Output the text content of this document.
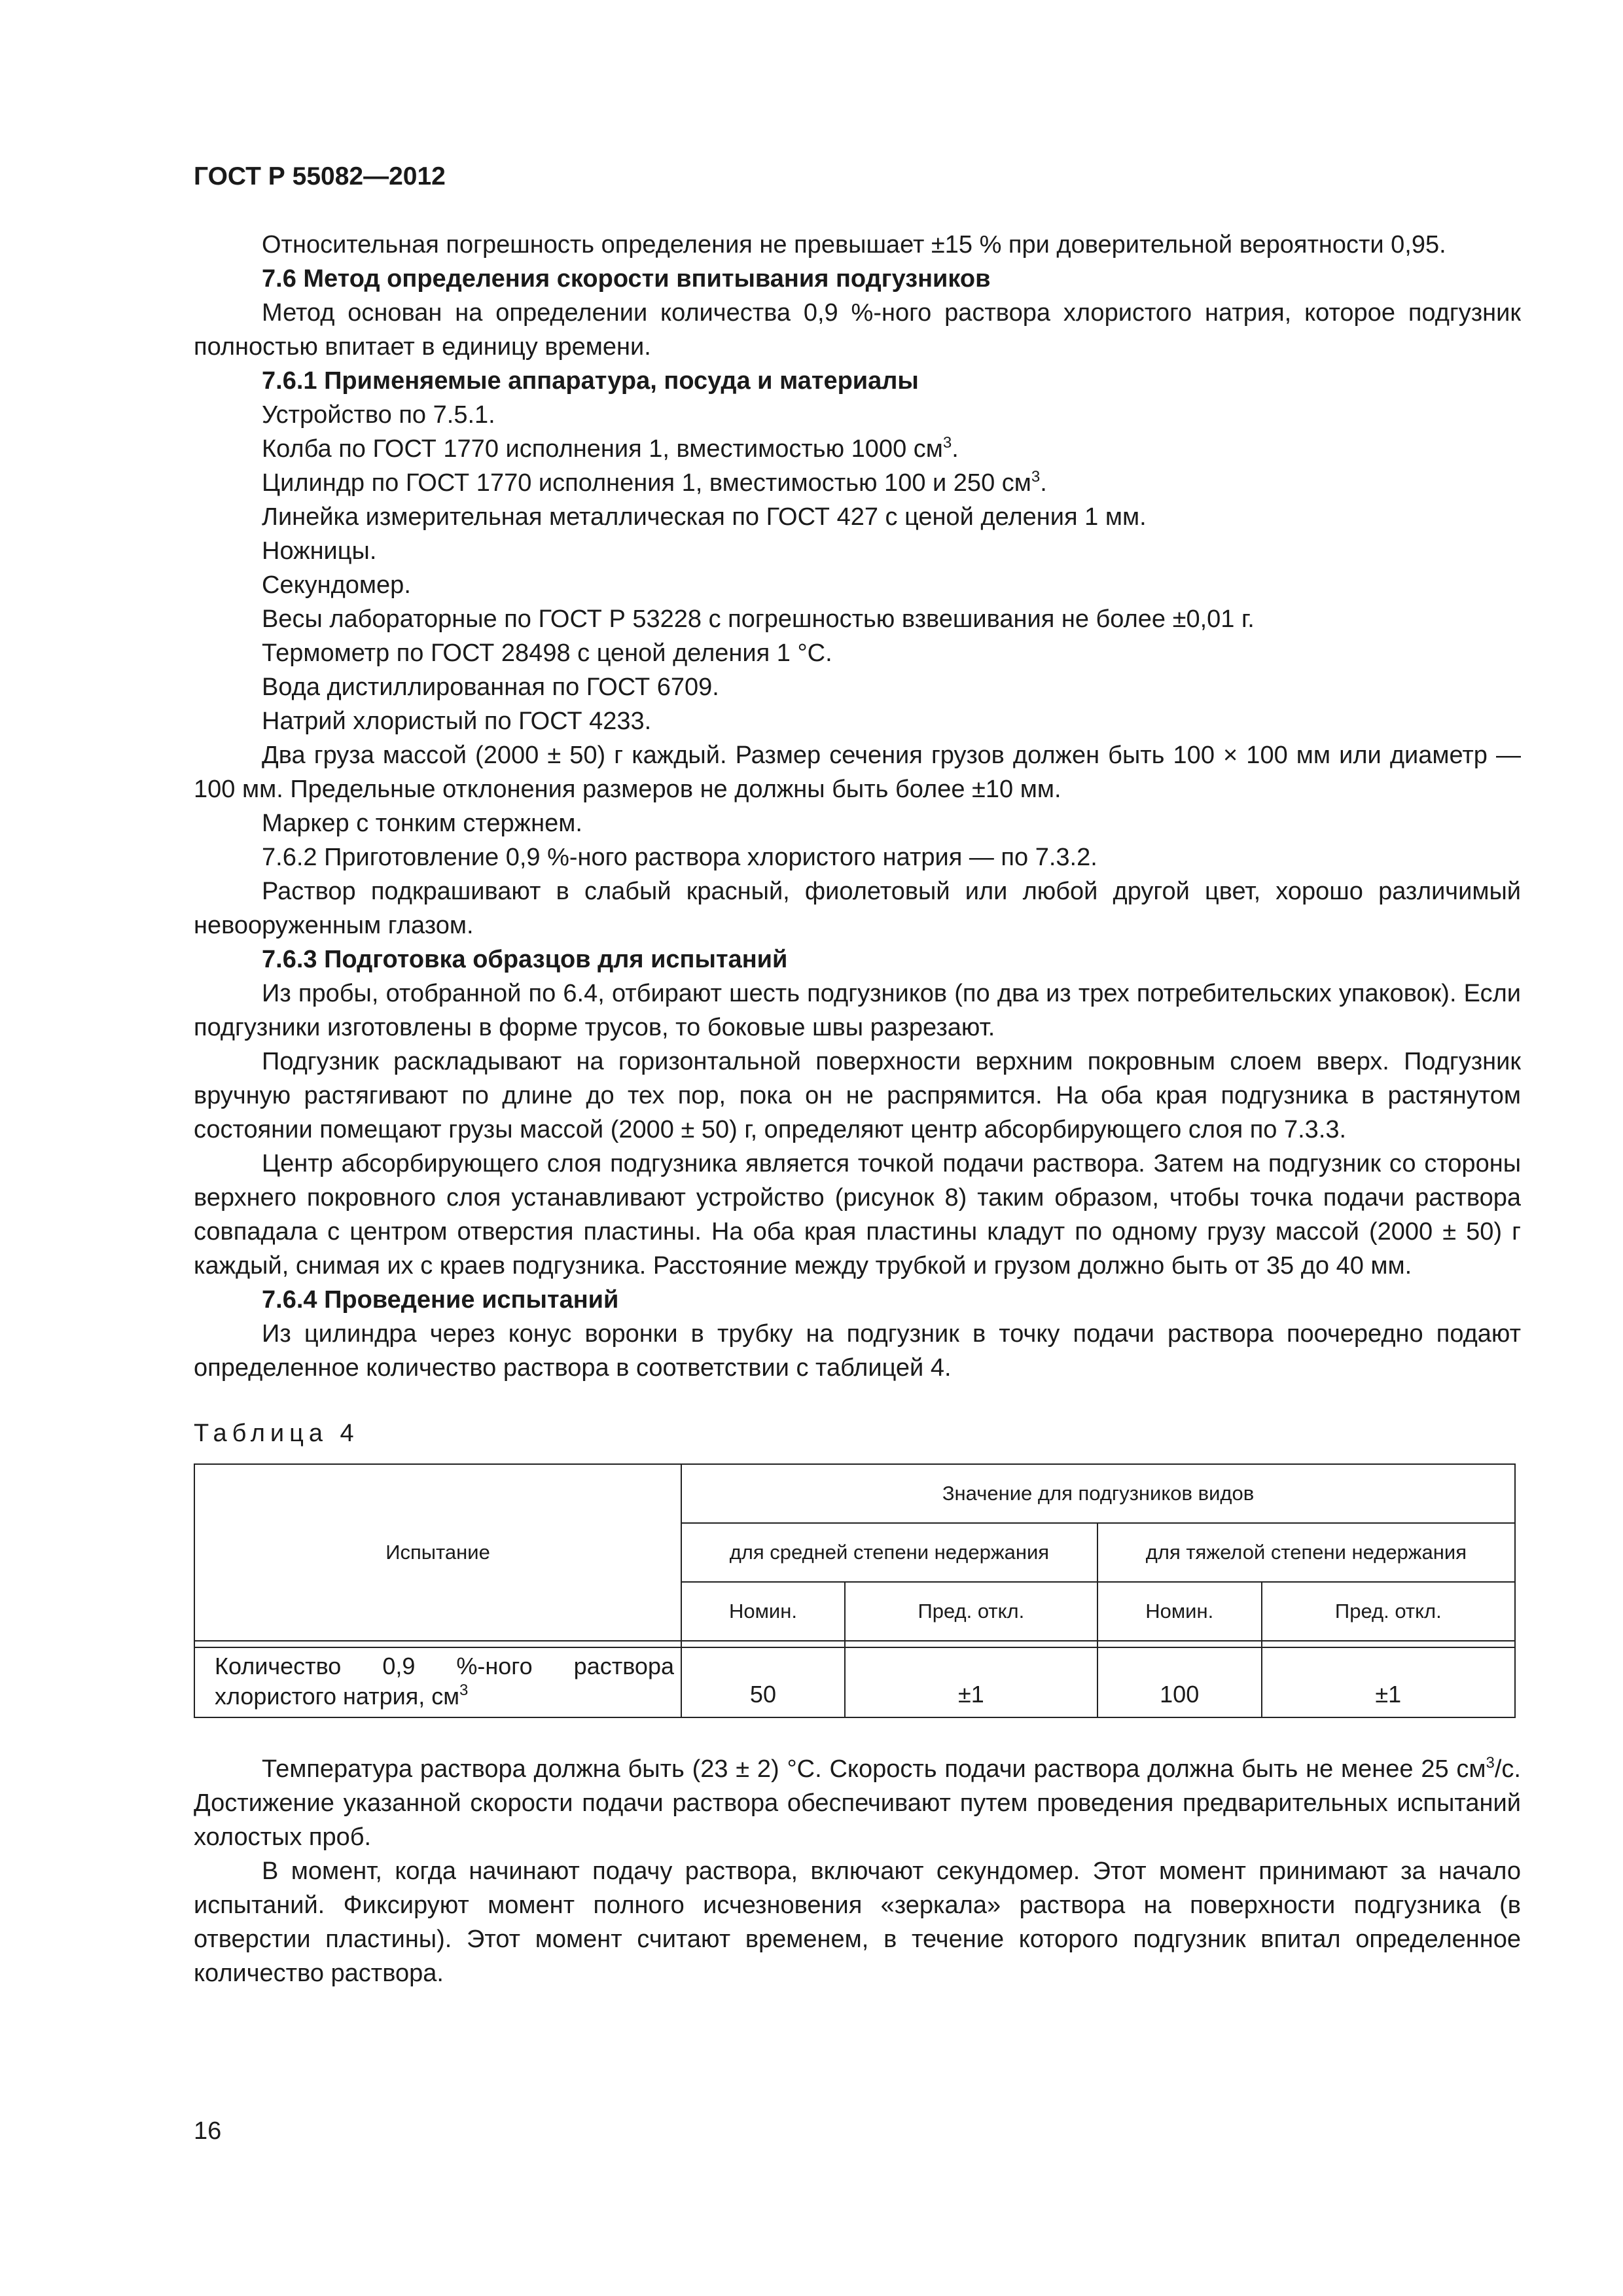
ГОСТ Р 55082—2012

Относительная погрешность определения не превышает ±15 % при доверительной вероятности 0,95.

7.6 Метод определения скорости впитывания подгузников

Метод основан на определении количества 0,9 %-ного раствора хлористого натрия, которое подгузник полностью впитает в единицу времени.

7.6.1 Применяемые аппаратура, посуда и материалы

Устройство по 7.5.1.

Колба по ГОСТ 1770 исполнения 1, вместимостью 1000 $см^3$.

Цилиндр по ГОСТ 1770 исполнения 1, вместимостью 100 и 250 $см^3$.

Линейка измерительная металлическая по ГОСТ 427 с ценой деления 1 мм.

Ножницы.

Секундомер.

Весы лабораторные по ГОСТ Р 53228 с погрешностью взвешивания не более ±0,01 г.

Термометр по ГОСТ 28498 с ценой деления 1 °С.

Вода дистиллированная по ГОСТ 6709.

Натрий хлористый по ГОСТ 4233.

Два груза массой (2000 ± 50) г каждый. Размер сечения грузов должен быть 100 × 100 мм или диаметр — 100 мм. Предельные отклонения размеров не должны быть более ±10 мм.

Маркер с тонким стержнем.

7.6.2 Приготовление 0,9 %-ного раствора хлористого натрия — по 7.3.2.

Раствор подкрашивают в слабый красный, фиолетовый или любой другой цвет, хорошо различимый невооруженным глазом.

7.6.3 Подготовка образцов для испытаний

Из пробы, отобранной по 6.4, отбирают шесть подгузников (по два из трех потребительских упаковок). Если подгузники изготовлены в форме трусов, то боковые швы разрезают.

Подгузник раскладывают на горизонтальной поверхности верхним покровным слоем вверх. Подгузник вручную растягивают по длине до тех пор, пока он не распрямится. На оба края подгузника в растянутом состоянии помещают грузы массой (2000 ± 50) г, определяют центр абсорбирующего слоя по 7.3.3.

Центр абсорбирующего слоя подгузника является точкой подачи раствора. Затем на подгузник со стороны верхнего покровного слоя устанавливают устройство (рисунок 8) таким образом, чтобы точка подачи раствора совпадала с центром отверстия пластины. На оба края пластины кладут по одному грузу массой (2000 ± 50) г каждый, снимая их с краев подгузника. Расстояние между трубкой и грузом должно быть от 35 до 40 мм.

7.6.4 Проведение испытаний

Из цилиндра через конус воронки в трубку на подгузник в точку подачи раствора поочередно подают определенное количество раствора в соответствии с таблицей 4.

Таблица 4

Испытание	Значение для подгузников видов			
	для средней степени недержания		для тяжелой степени недержания	
	Номин.	Пред. откл.	Номин.	Пред. откл.

Количество 0,9 %-ного раствора хлористого натрия, $см^3$	50	±1	100	±1

Температура раствора должна быть (23 ± 2) °С. Скорость подачи раствора должна быть не менее 25 $см^3/с$. Достижение указанной скорости подачи раствора обеспечивают путем проведения предварительных испытаний холостых проб.

В момент, когда начинают подачу раствора, включают секундомер. Этот момент принимают за начало испытаний. Фиксируют момент полного исчезновения «зеркала» раствора на поверхности подгузника (в отверстии пластины). Этот момент считают временем, в течение которого подгузник впитал определенное количество раствора.

16
